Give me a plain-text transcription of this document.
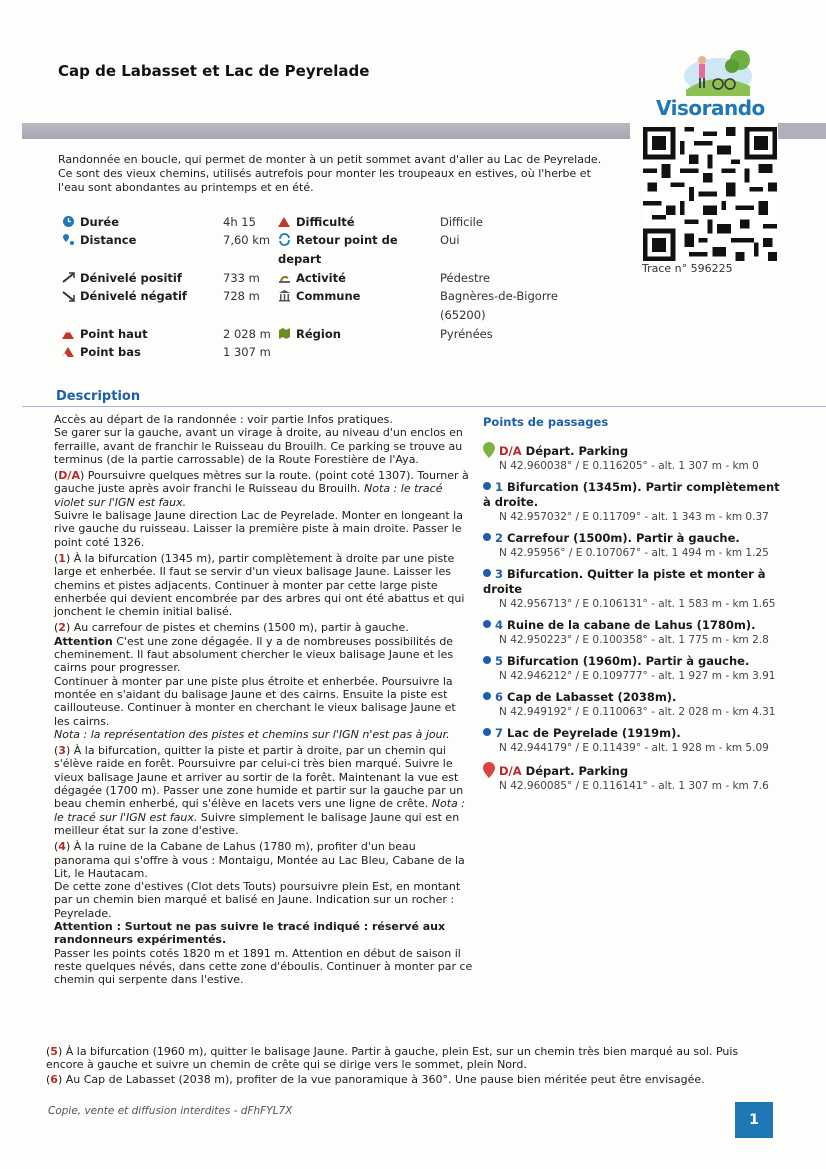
Cap de Labasset et Lac de Peyrelade
Visorando
Trace n° 596225
Randonnée en boucle, qui permet de monter à un petit sommet avant d'aller au Lac de Peyrelade. Ce sont des vieux chemins, utilisés autrefois pour monter les troupeaux en estives, où l'herbe et l'eau sont abondantes au printemps et en été.
Durée
Distance
Dénivelé positif
Dénivelé négatif
Point haut
Point bas
4h 15
7,60 km
733 m
728 m
2 028 m
1 307 m
Difficulté
Retour point de
depart
Activité
Commune
Région
Difficile
Oui
Pédestre
Bagnères-de-Bigorre
(65200)
Pyrénées
Description

Accès au départ de la randonnée : voir partie Infos pratiques.
Se garer sur la gauche, avant un virage à droite, au niveau d'un enclos en ferraille, avant de franchir le Ruisseau du Brouilh. Ce parking se trouve au terminus (de la partie carrossable) de la Route Forestière de l'Aya.

(D/A) Poursuivre quelques mètres sur la route. (point coté 1307). Tourner à gauche juste après avoir franchi le Ruisseau du Brouilh. Nota : le tracé violet sur l'IGN est faux.
Suivre le balisage Jaune direction Lac de Peyrelade. Monter en longeant la rive gauche du ruisseau. Laisser la première piste à main droite. Passer le point coté 1326.

(1) À la bifurcation (1345 m), partir complètement à droite par une piste large et enherbée. Il faut se servir d'un vieux balisage Jaune. Laisser les chemins et pistes adjacents. Continuer à monter par cette large piste enherbée qui devient encombrée par des arbres qui ont été abattus et qui jonchent le chemin initial balisé.

(2) Au carrefour de pistes et chemins (1500 m), partir à gauche.
Attention C'est une zone dégagée. Il y a de nombreuses possibilités de cheminement. Il faut absolument chercher le vieux balisage Jaune et les cairns pour progresser.
Continuer à monter par une piste plus étroite et enherbée. Poursuivre la montée en s'aidant du balisage Jaune et des cairns. Ensuite la piste est caillouteuse. Continuer à monter en cherchant le vieux balisage Jaune et les cairns.
Nota : la représentation des pistes et chemins sur l'IGN n'est pas à jour.

(3) À la bifurcation, quitter la piste et partir à droite, par un chemin qui s'élève raide en forêt. Poursuivre par celui-ci très bien marqué. Suivre le vieux balisage Jaune et arriver au sortir de la forêt. Maintenant la vue est dégagée (1700 m). Passer une zone humide et partir sur la gauche par un beau chemin enherbé, qui s'élève en lacets vers une ligne de crête. Nota : le tracé sur l'IGN est faux. Suivre simplement le balisage Jaune qui est en meilleur état sur la zone d'estive.

(4) À la ruine de la Cabane de Lahus (1780 m), profiter d'un beau panorama qui s'offre à vous : Montaigu, Montée au Lac Bleu, Cabane de la Lit, le Hautacam.
De cette zone d'estives (Clot dets Touts) poursuivre plein Est, en montant par un chemin bien marqué et balisé en Jaune. Indication sur un rocher : Peyrelade.
Attention : Surtout ne pas suivre le tracé indiqué : réservé aux randonneurs expérimentés.
Passer les points cotés 1820 m et 1891 m. Attention en début de saison il reste quelques névés, dans cette zone d'éboulis. Continuer à monter par ce chemin qui serpente dans l'estive.

(5) À la bifurcation (1960 m), quitter le balisage Jaune. Partir à gauche, plein Est, sur un chemin très bien marqué au sol. Puis encore à gauche et suivre un chemin de crête qui se dirige vers le sommet, plein Nord.
(6) Au Cap de Labasset (2038 m), profiter de la vue panoramique à 360°. Une pause bien méritée peut être envisagée.
Points de passages
D/A Départ. Parking
N 42.960038° / E 0.116205° - alt. 1 307 m - km 0
1 Bifurcation (1345m). Partir complètement à droite.
N 42.957032° / E 0.11709° - alt. 1 343 m - km 0.37
2 Carrefour (1500m). Partir à gauche.
N 42.95956° / E 0.107067° - alt. 1 494 m - km 1.25
3 Bifurcation. Quitter la piste et monter à droite
N 42.956713° / E 0.106131° - alt. 1 583 m - km 1.65
4 Ruine de la cabane de Lahus (1780m).
N 42.950223° / E 0.100358° - alt. 1 775 m - km 2.8
5 Bifurcation (1960m). Partir à gauche.
N 42.946212° / E 0.109777° - alt. 1 927 m - km 3.91
6 Cap de Labasset (2038m).
N 42.949192° / E 0.110063° - alt. 2 028 m - km 4.31
7 Lac de Peyrelade (1919m).
N 42.944179° / E 0.11439° - alt. 1 928 m - km 5.09
D/A Départ. Parking
N 42.960085° / E 0.116141° - alt. 1 307 m - km 7.6
Copie, vente et diffusion interdites - dFhFYL7X
1
